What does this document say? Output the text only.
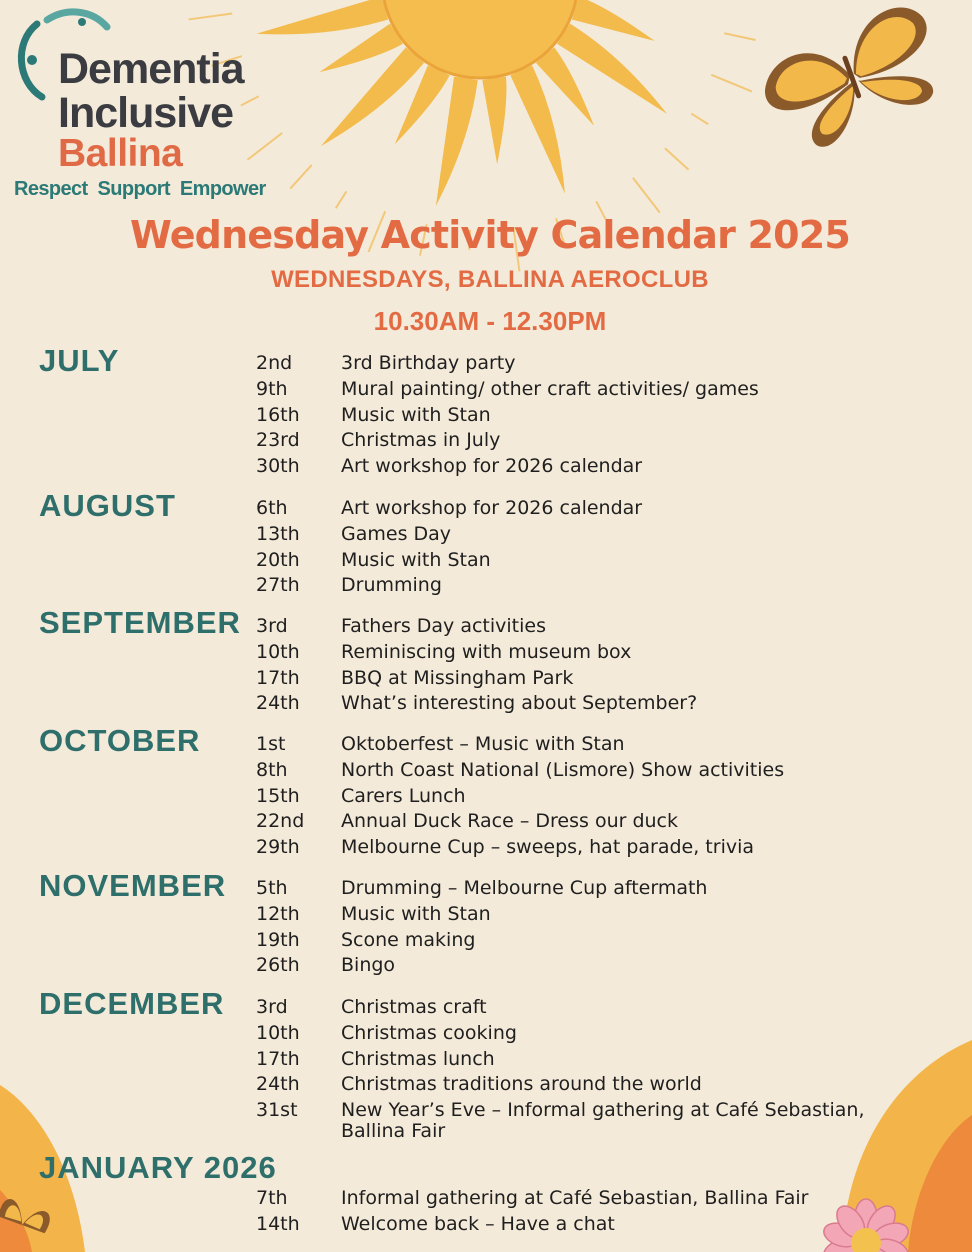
Dementia
Inclusive
Ballina
Respect  Support  Empower
Wednesday Activity Calendar 2025
WEDNESDAYS, BALLINA AEROCLUB
10.30AM - 12.30PM
JULY	2nd	3rd Birthday party
9th	Mural painting/ other craft activities/ games
16th Music with Stan
23rd Christmas in July
30th Art workshop for 2026 calendar
AUGUST	6th	Art workshop for 2026 calendar
13th Games Day
20th Music with Stan
27th Drumming
SEPTEMBER 3rd	Fathers Day activities
10th Reminiscing with museum box
17th BBQ at Missingham Park
24th What’s interesting about September?
OCTOBER	1st	Oktoberfest – Music with Stan
8th	North Coast National (Lismore) Show activities
15th Carers Lunch
22nd Annual Duck Race – Dress our duck
29th Melbourne Cup – sweeps, hat parade, trivia
NOVEMBER 5th	Drumming – Melbourne Cup aftermath
12th Music with Stan
19th Scone making
26th Bingo
DECEMBER 3rd	Christmas craft
10th Christmas cooking
17th Christmas lunch
24th Christmas traditions around the world
31st New Year’s Eve – Informal gathering at Café Sebastian,
Ballina Fair
JANUARY 2026
7th	Informal gathering at Café Sebastian, Ballina Fair
14th Welcome back – Have a chat
